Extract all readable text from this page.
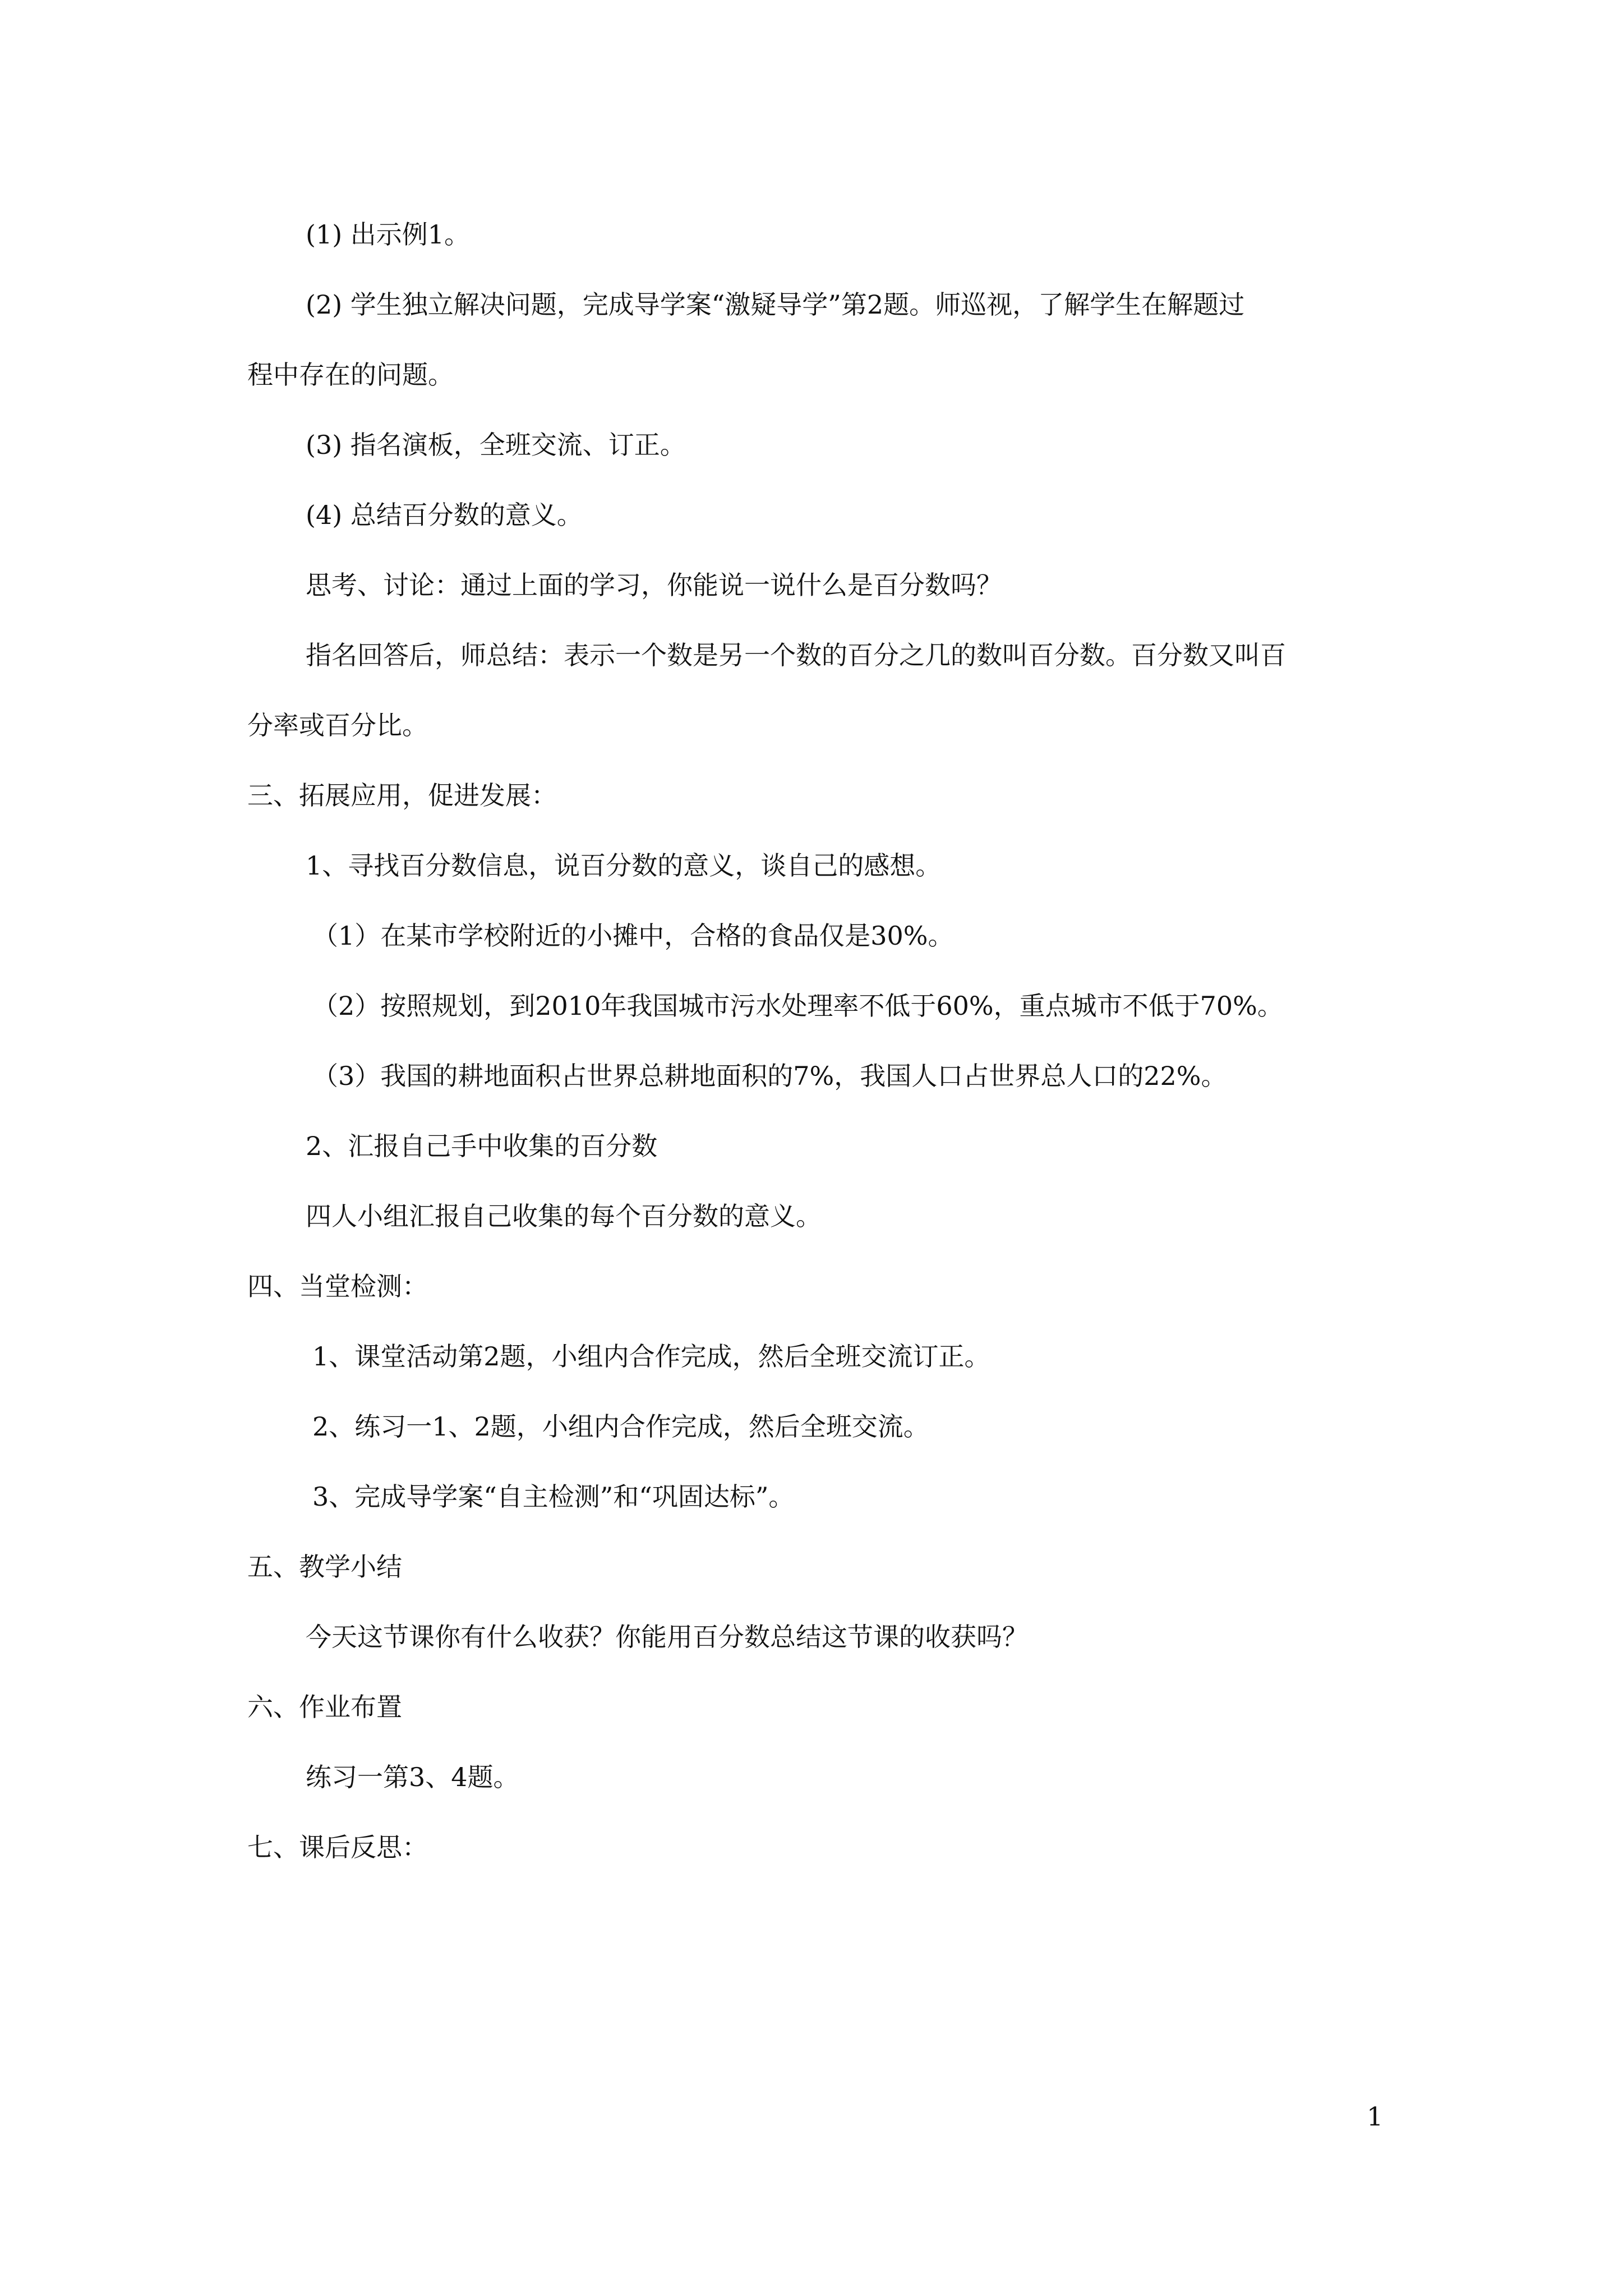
(1) 出示例1。
(2) 学生独立解决问题，完成导学案“激疑导学”第2题。师巡视，了解学生在解题过
程中存在的问题。
(3) 指名演板，全班交流、订正。
(4) 总结百分数的意义。
思考、讨论：通过上面的学习，你能说一说什么是百分数吗？
指名回答后，师总结：表示一个数是另一个数的百分之几的数叫百分数。百分数又叫百
分率或百分比。
三、拓展应用，促进发展：
1、寻找百分数信息，说百分数的意义，谈自己的感想。
（1）在某市学校附近的小摊中，合格的食品仅是30%。
（2）按照规划，到2010年我国城市污水处理率不低于60%，重点城市不低于70%。
（3）我国的耕地面积占世界总耕地面积的7%，我国人口占世界总人口的22%。
2、汇报自己手中收集的百分数
四人小组汇报自己收集的每个百分数的意义。
四、当堂检测：
1、课堂活动第2题，小组内合作完成，然后全班交流订正。
2、练习一1、2题，小组内合作完成，然后全班交流。
3、完成导学案“自主检测”和“巩固达标”。
五、教学小结
今天这节课你有什么收获？你能用百分数总结这节课的收获吗？
六、作业布置
练习一第3、4题。
七、课后反思：
1
